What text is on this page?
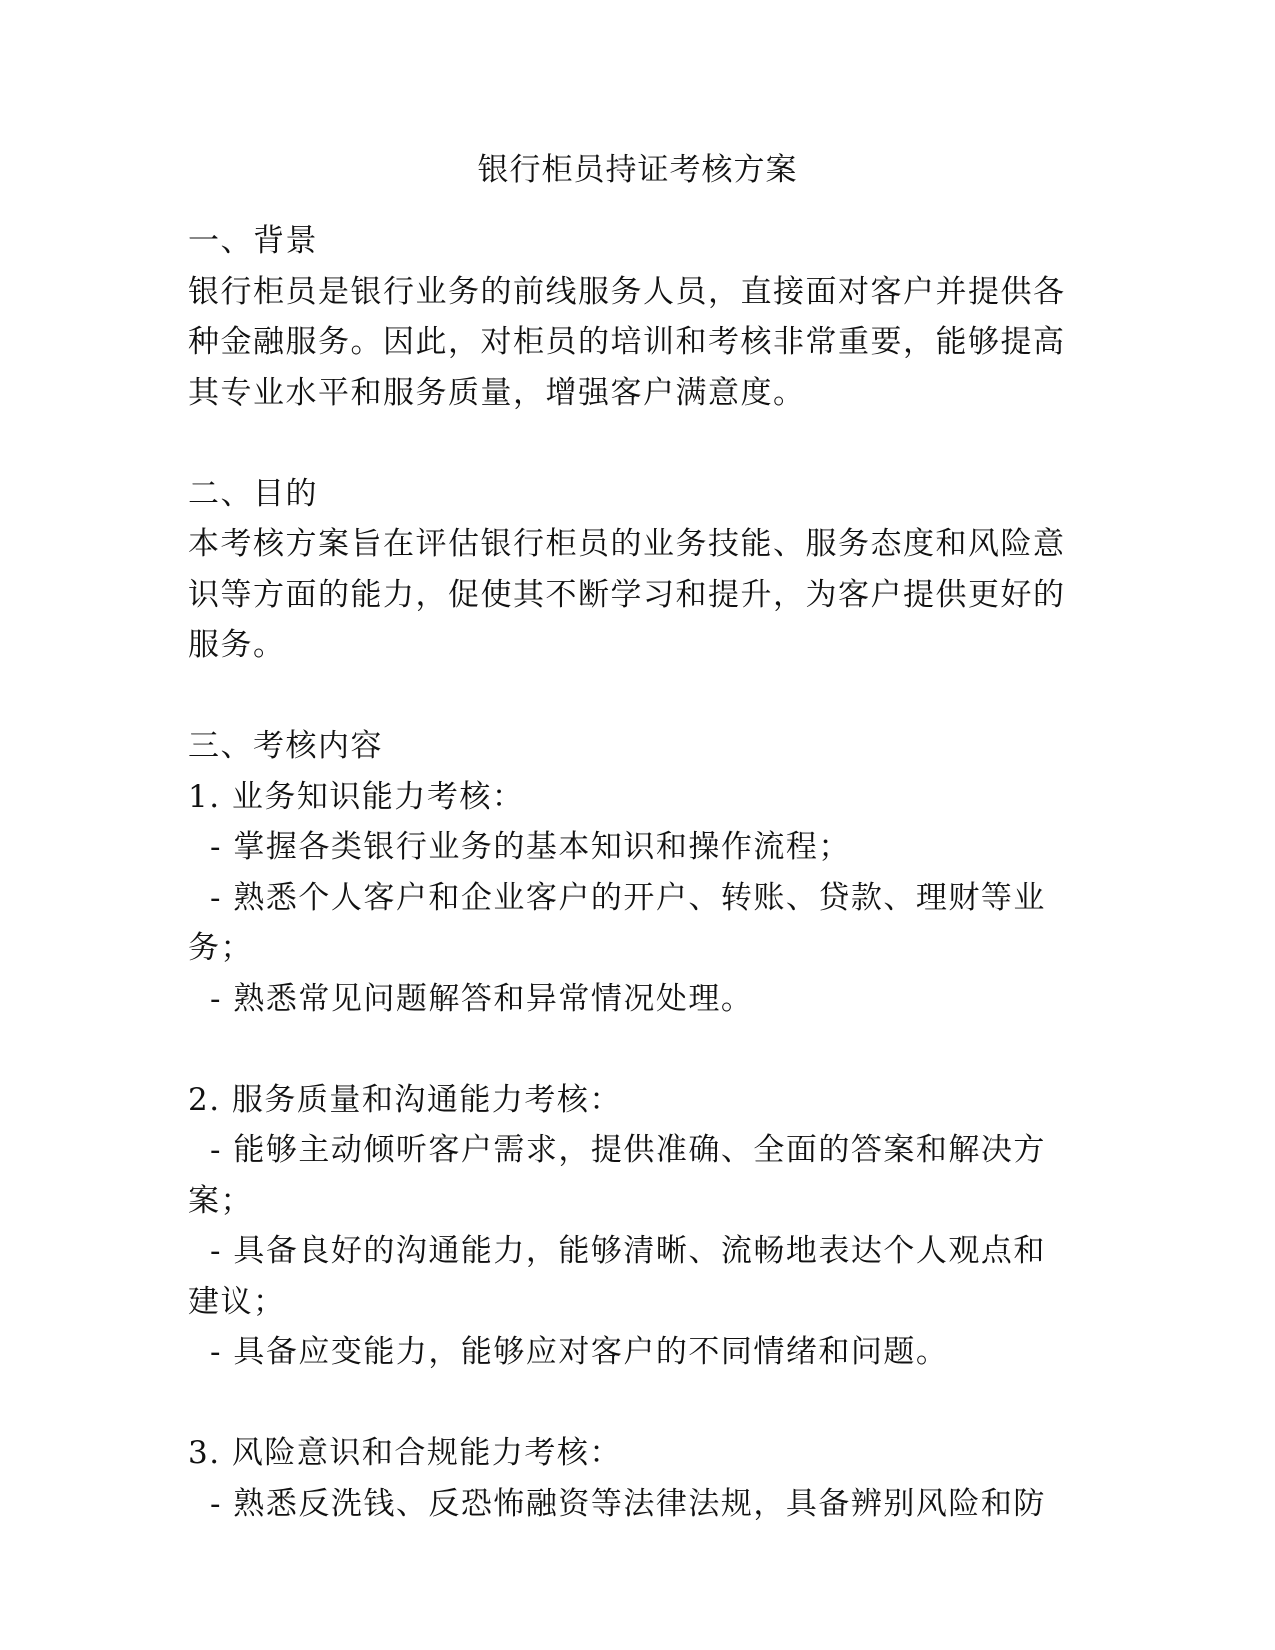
银行柜员持证考核方案
一、背景
银行柜员是银行业务的前线服务人员，直接面对客户并提供各
种金融服务。因此，对柜员的培训和考核非常重要，能够提高
其专业水平和服务质量，增强客户满意度。
二、目的
本考核方案旨在评估银行柜员的业务技能、服务态度和风险意
识等方面的能力，促使其不断学习和提升，为客户提供更好的
服务。
三、考核内容
1. 业务知识能力考核：
- 掌握各类银行业务的基本知识和操作流程；
- 熟悉个人客户和企业客户的开户、转账、贷款、理财等业
务；
- 熟悉常见问题解答和异常情况处理。
2. 服务质量和沟通能力考核：
- 能够主动倾听客户需求，提供准确、全面的答案和解决方
案；
- 具备良好的沟通能力，能够清晰、流畅地表达个人观点和
建议；
- 具备应变能力，能够应对客户的不同情绪和问题。
3. 风险意识和合规能力考核：
- 熟悉反洗钱、反恐怖融资等法律法规，具备辨别风险和防
